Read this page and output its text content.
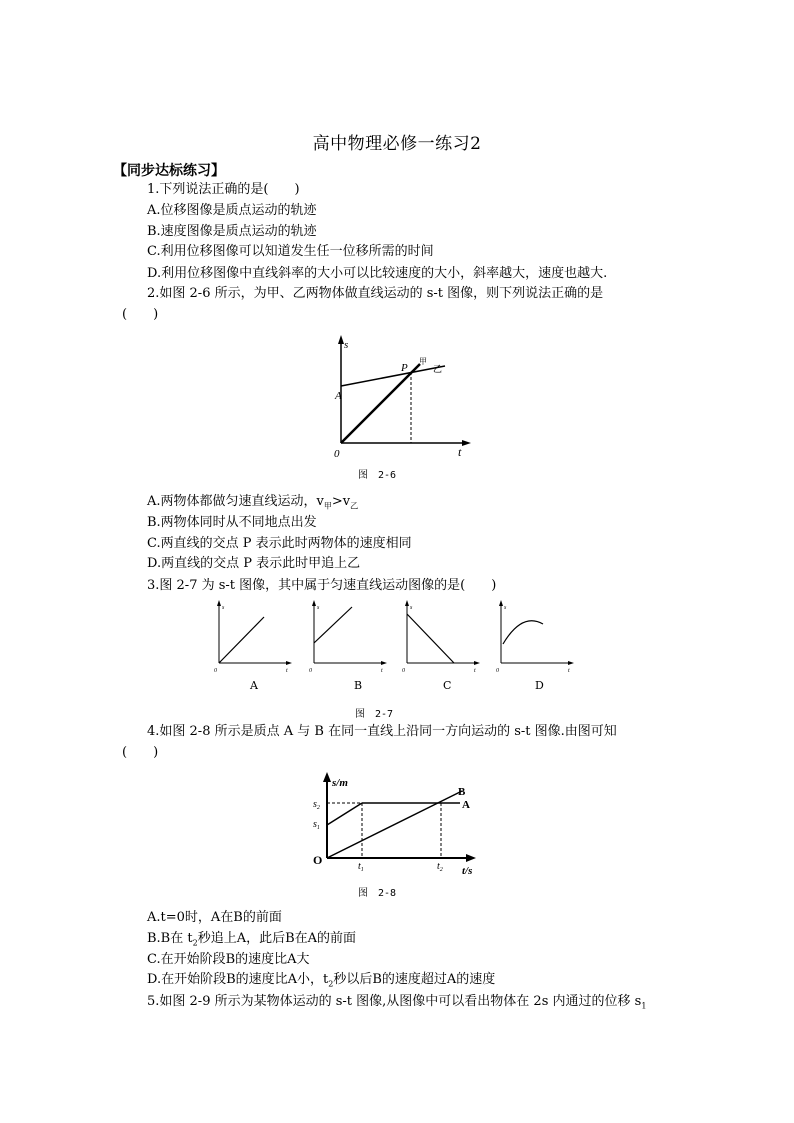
高中物理必修一练习2
【同步达标练习】
1.下列说法正确的是(　　)
A.位移图像是质点运动的轨迹
B.速度图像是质点运动的轨迹
C.利用位移图像可以知道发生任一位移所需的时间
D.利用位移图像中直线斜率的大小可以比较速度的大小，斜率越大，速度也越大.
2.如图 2-6 所示，为甲、乙两物体做直线运动的 s-t 图像，则下列说法正确的是
(　　)
s
t
0
A
P
甲
乙
图　2-6
A.两物体都做匀速直线运动，$v_甲>v_乙$
B.两物体同时从不同地点出发
C.两直线的交点 P 表示此时两物体的速度相同
D.两直线的交点 P 表示此时甲追上乙
3.图 2-7 为 s-t 图像，其中属于匀速直线运动图像的是(　　)
s
t
0
s
t
0
s
t
0
s
t
0
A	B	C	D
图　2-7
4.如图 2-8 所示是质点 A 与 B 在同一直线上沿同一方向运动的 s-t 图像.由图可知
(　　)
s/m
t/s
O
$s_2$
$s_1$
$t_1$	$t_2$
A
B
图　2-8
A.t=0时，A在B的前面
B.B在 $t_2$秒追上A，此后B在A的前面
C.在开始阶段B的速度比A大
D.在开始阶段B的速度比A小，$t_2$秒以后B的速度超过A的速度
5.如图 2-9 所示为某物体运动的 s-t 图像,从图像中可以看出物体在 2s 内通过的位移 $s_1$
